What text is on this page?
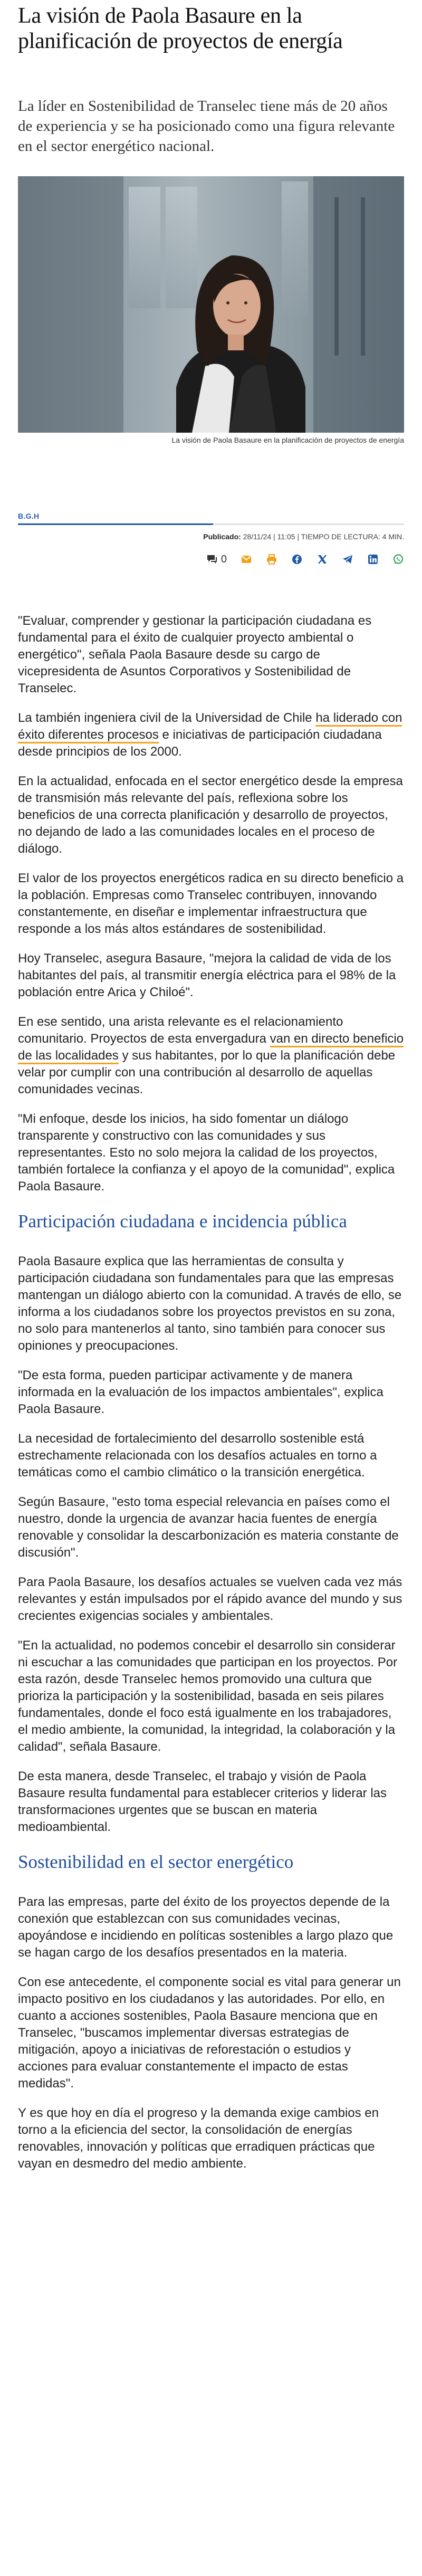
La visión de Paola Basaure en la planificación de proyectos de energía

La líder en Sostenibilidad de Transelec tiene más de 20 años de experiencia y se ha posicionado como una figura relevante en el sector energético nacional.

La visión de Paola Basaure en la planificación de proyectos de energía
B.G.H
Publicado: 28/11/24 | 11:05 | TIEMPO DE LECTURA: 4 MIN.
0

"Evaluar, comprender y gestionar la participación ciudadana es fundamental para el éxito de cualquier proyecto ambiental o energético", señala Paola Basaure desde su cargo de vicepresidenta de Asuntos Corporativos y Sostenibilidad de Transelec.

La también ingeniera civil de la Universidad de Chile ha liderado con éxito diferentes procesos e iniciativas de participación ciudadana desde principios de los 2000.

En la actualidad, enfocada en el sector energético desde la empresa de transmisión más relevante del país, reflexiona sobre los beneficios de una correcta planificación y desarrollo de proyectos, no dejando de lado a las comunidades locales en el proceso de diálogo.

El valor de los proyectos energéticos radica en su directo beneficio a la población. Empresas como Transelec contribuyen, innovando constantemente, en diseñar e implementar infraestructura que responde a los más altos estándares de sostenibilidad.

Hoy Transelec, asegura Basaure, "mejora la calidad de vida de los habitantes del país, al transmitir energía eléctrica para el 98% de la población entre Arica y Chiloé".

En ese sentido, una arista relevante es el relacionamiento comunitario. Proyectos de esta envergadura van en directo beneficio de las localidades y sus habitantes, por lo que la planificación debe velar por cumplir con una contribución al desarrollo de aquellas comunidades vecinas.

"Mi enfoque, desde los inicios, ha sido fomentar un diálogo transparente y constructivo con las comunidades y sus representantes. Esto no solo mejora la calidad de los proyectos, también fortalece la confianza y el apoyo de la comunidad", explica Paola Basaure.

Participación ciudadana e incidencia pública

Paola Basaure explica que las herramientas de consulta y participación ciudadana son fundamentales para que las empresas mantengan un diálogo abierto con la comunidad. A través de ello, se informa a los ciudadanos sobre los proyectos previstos en su zona, no solo para mantenerlos al tanto, sino también para conocer sus opiniones y preocupaciones.

"De esta forma, pueden participar activamente y de manera informada en la evaluación de los impactos ambientales", explica Paola Basaure.

La necesidad de fortalecimiento del desarrollo sostenible está estrechamente relacionada con los desafíos actuales en torno a temáticas como el cambio climático o la transición energética.

Según Basaure, "esto toma especial relevancia en países como el nuestro, donde la urgencia de avanzar hacia fuentes de energía renovable y consolidar la descarbonización es materia constante de discusión".

Para Paola Basaure, los desafíos actuales se vuelven cada vez más relevantes y están impulsados por el rápido avance del mundo y sus crecientes exigencias sociales y ambientales.

"En la actualidad, no podemos concebir el desarrollo sin considerar ni escuchar a las comunidades que participan en los proyectos. Por esta razón, desde Transelec hemos promovido una cultura que prioriza la participación y la sostenibilidad, basada en seis pilares fundamentales, donde el foco está igualmente en los trabajadores, el medio ambiente, la comunidad, la integridad, la colaboración y la calidad", señala Basaure.

De esta manera, desde Transelec, el trabajo y visión de Paola Basaure resulta fundamental para establecer criterios y liderar las transformaciones urgentes que se buscan en materia medioambiental.

Sostenibilidad en el sector energético

Para las empresas, parte del éxito de los proyectos depende de la conexión que establezcan con sus comunidades vecinas, apoyándose e incidiendo en políticas sostenibles a largo plazo que se hagan cargo de los desafíos presentados en la materia.

Con ese antecedente, el componente social es vital para generar un impacto positivo en los ciudadanos y las autoridades. Por ello, en cuanto a acciones sostenibles, Paola Basaure menciona que en Transelec, "buscamos implementar diversas estrategias de mitigación, apoyo a iniciativas de reforestación o estudios y acciones para evaluar constantemente el impacto de estas medidas".

Y es que hoy en día el progreso y la demanda exige cambios en torno a la eficiencia del sector, la consolidación de energías renovables, innovación y políticas que erradiquen prácticas que vayan en desmedro del medio ambiente.
